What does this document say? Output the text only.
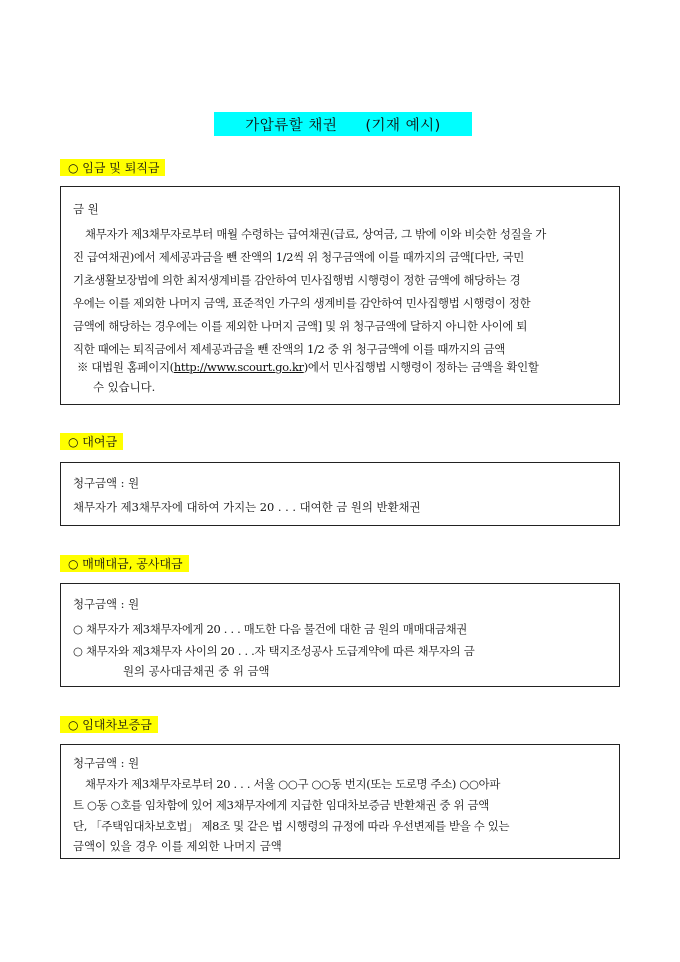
가압류할 채권 (기재 예시)
○ 임금 및 퇴직금
금 원
채무자가 제3채무자로부터 매월 수령하는 급여채권(급료, 상여금, 그 밖에 이와 비슷한 성질을 가
진 급여채권)에서 제세공과금을 뺀 잔액의 1/2씩 위 청구금액에 이를 때까지의 금액[다만, 국민
기초생활보장법에 의한 최저생계비를 감안하여 민사집행법 시행령이 정한 금액에 해당하는 경
우에는 이를 제외한 나머지 금액, 표준적인 가구의 생계비를 감안하여 민사집행법 시행령이 정한
금액에 해당하는 경우에는 이를 제외한 나머지 금액] 및 위 청구금액에 달하지 아니한 사이에 퇴
직한 때에는 퇴직금에서 제세공과금을 뺀 잔액의 1/2 중 위 청구금액에 이를 때까지의 금액
※ 대법원 홈페이지(http://www.scourt.go.kr)에서 민사집행법 시행령이 정하는 금액을 확인할
수 있습니다.
○ 대여금
청구금액 : 원
채무자가 제3채무자에 대하여 가지는 20 . . . 대여한 금 원의 반환채권
○ 매매대금, 공사대금
청구금액 : 원
○ 채무자가 제3채무자에게 20 . . . 매도한 다음 물건에 대한 금 원의 매매대금채권
○ 채무자와 제3채무자 사이의 20 . . .자 택지조성공사 도급계약에 따른 채무자의 금
원의 공사대금채권 중 위 금액
○ 임대차보증금
청구금액 : 원
채무자가 제3채무자로부터 20 . . . 서울 ○○구 ○○동 번지(또는 도로명 주소) ○○아파
트 ○동 ○호를 임차함에 있어 제3채무자에게 지급한 임대차보증금 반환채권 중 위 금액
단, 「주택임대차보호법」 제8조 및 같은 법 시행령의 규정에 따라 우선변제를 받을 수 있는
금액이 있을 경우 이를 제외한 나머지 금액
